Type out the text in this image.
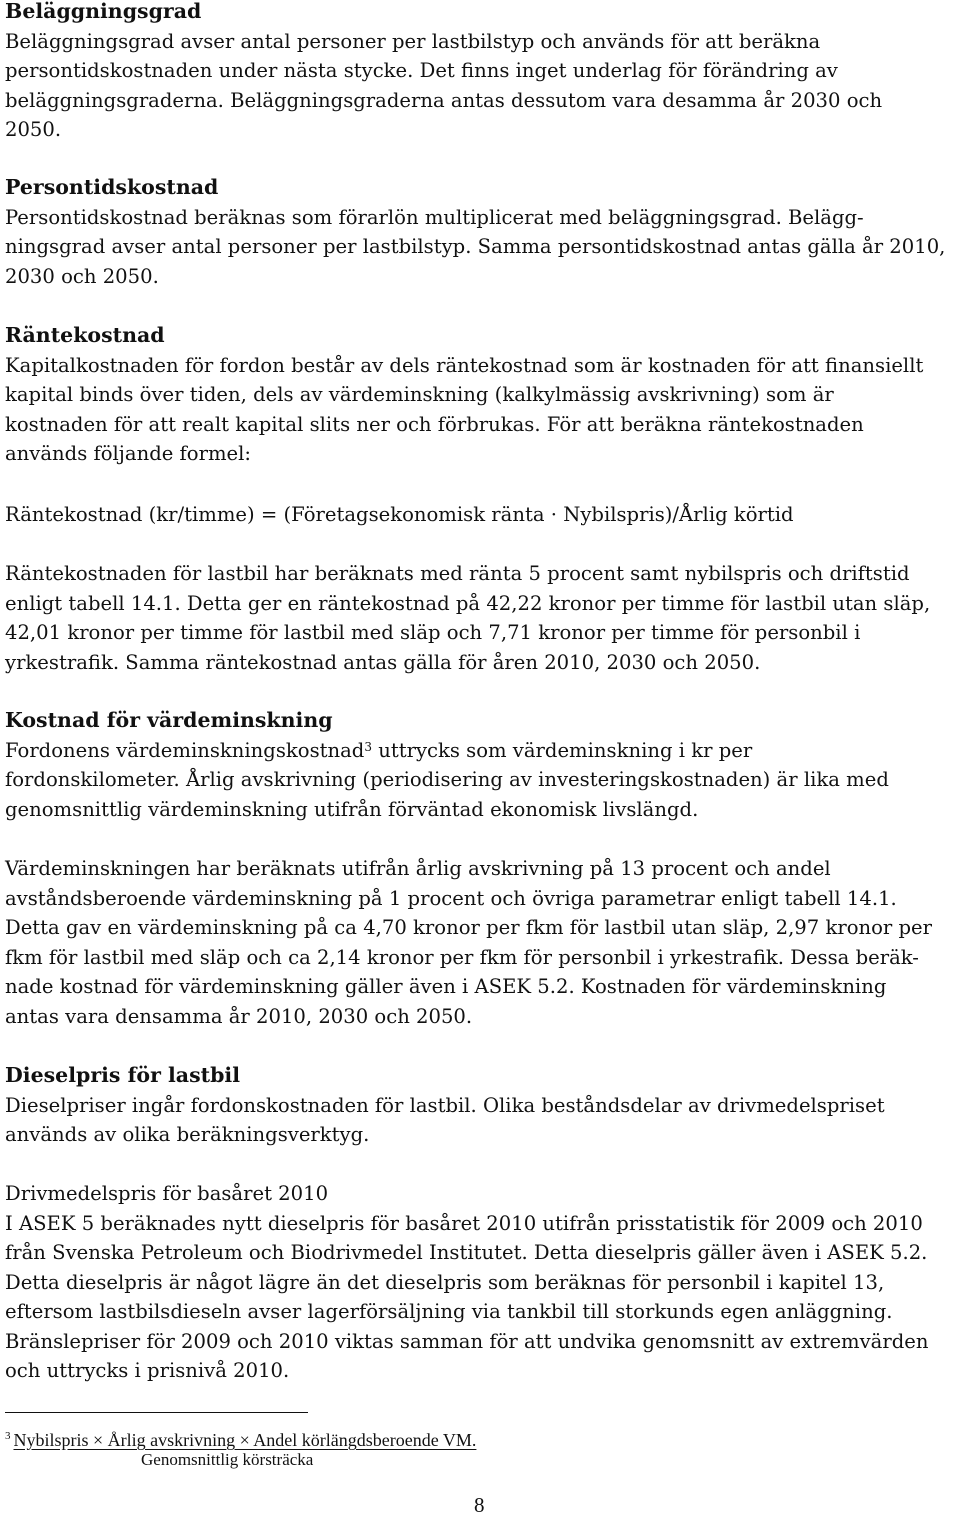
Beläggningsgrad
Beläggningsgrad avser antal personer per lastbilstyp och används för att beräkna
persontidskostnaden under nästa stycke. Det finns inget underlag för förändring av
beläggningsgraderna. Beläggningsgraderna antas dessutom vara desamma år 2030 och
2050.
Persontidskostnad
Persontidskostnad beräknas som förarlön multiplicerat med beläggningsgrad. Belägg-
ningsgrad avser antal personer per lastbilstyp. Samma persontidskostnad antas gälla år 2010,
2030 och 2050.
Räntekostnad
Kapitalkostnaden för fordon består av dels räntekostnad som är kostnaden för att finansiellt
kapital binds över tiden, dels av värdeminskning (kalkylmässig avskrivning) som är
kostnaden för att realt kapital slits ner och förbrukas. För att beräkna räntekostnaden
används följande formel:
Räntekostnad (kr/timme) = (Företagsekonomisk ränta · Nybilspris)/Årlig körtid
Räntekostnaden för lastbil har beräknats med ränta 5 procent samt nybilspris och driftstid
enligt tabell 14.1. Detta ger en räntekostnad på 42,22 kronor per timme för lastbil utan släp,
42,01 kronor per timme för lastbil med släp och 7,71 kronor per timme för personbil i
yrkestrafik. Samma räntekostnad antas gälla för åren 2010, 2030 och 2050.
Kostnad för värdeminskning
Fordonens värdeminskningskostnad$^3$ uttrycks som värdeminskning i kr per
fordonskilometer. Årlig avskrivning (periodisering av investeringskostnaden) är lika med
genomsnittlig värdeminskning utifrån förväntad ekonomisk livslängd.
Värdeminskningen har beräknats utifrån årlig avskrivning på 13 procent och andel
avståndsberoende värdeminskning på 1 procent och övriga parametrar enligt tabell 14.1.
Detta gav en värdeminskning på ca 4,70 kronor per fkm för lastbil utan släp, 2,97 kronor per
fkm för lastbil med släp och ca 2,14 kronor per fkm för personbil i yrkestrafik. Dessa beräk-
nade kostnad för värdeminskning gäller även i ASEK 5.2. Kostnaden för värdeminskning
antas vara densamma år 2010, 2030 och 2050.
Dieselpris för lastbil
Dieselpriser ingår fordonskostnaden för lastbil. Olika beståndsdelar av drivmedelspriset
används av olika beräkningsverktyg.
Drivmedelspris för basåret 2010
I ASEK 5 beräknades nytt dieselpris för basåret 2010 utifrån prisstatistik för 2009 och 2010
från Svenska Petroleum och Biodrivmedel Institutet. Detta dieselpris gäller även i ASEK 5.2.
Detta dieselpris är något lägre än det dieselpris som beräknas för personbil i kapitel 13,
eftersom lastbilsdieseln avser lagerförsäljning via tankbil till storkunds egen anläggning.
Bränslepriser för 2009 och 2010 viktas samman för att undvika genomsnitt av extremvärden
och uttrycks i prisnivå 2010.
$^3$ Nybilspris × Årlig avskrivning × Andel körlängdsberoende VM.
Genomsnittlig körsträcka
8
